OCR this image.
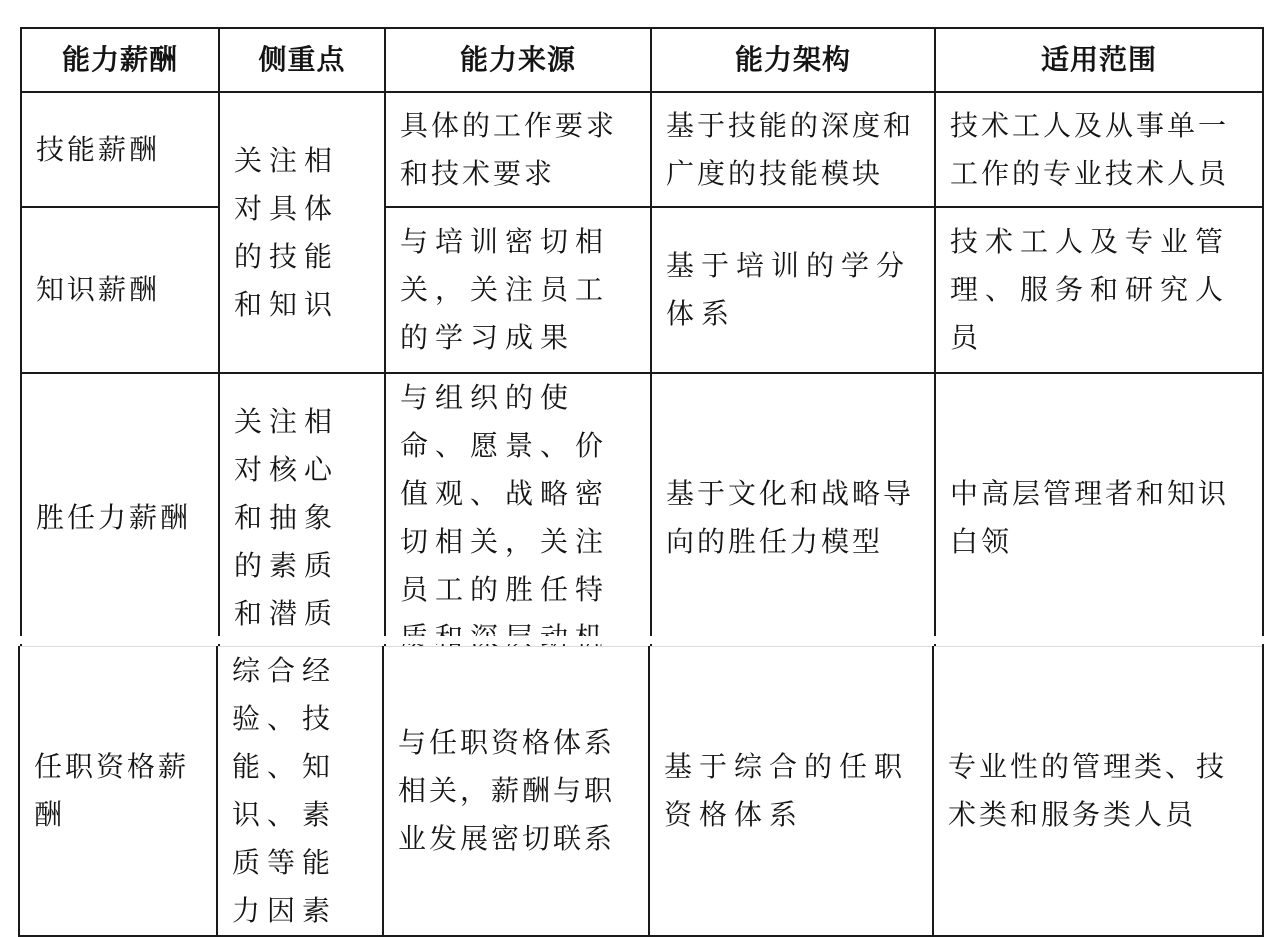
能力薪酬	侧重点	能力来源	能力架构	适用范围
技能薪酬	关注相对具体的技能和知识	具体的工作要求和技术要求	基于技能的深度和广度的技能模块	技术工人及从事单一工作的专业技术人员
知识薪酬		与培训密切相关，关注员工的学习成果	基于培训的学分体系	技术工人及专业管理、服务和研究人员
胜任力薪酬	关注相对核心和抽象的素质和潜质	与组织的使命、愿景、价值观、战略密切相关，关注员工的胜任特	基于文化和战略导向的胜任力模型	中高层管理者和知识白领
任职资格薪酬	综合经验、技能、知识、素质等能力因素	与任职资格体系相关，薪酬与职业发展密切联系	基于综合的任职资格体系	专业性的管理类、技术类和服务类人员
